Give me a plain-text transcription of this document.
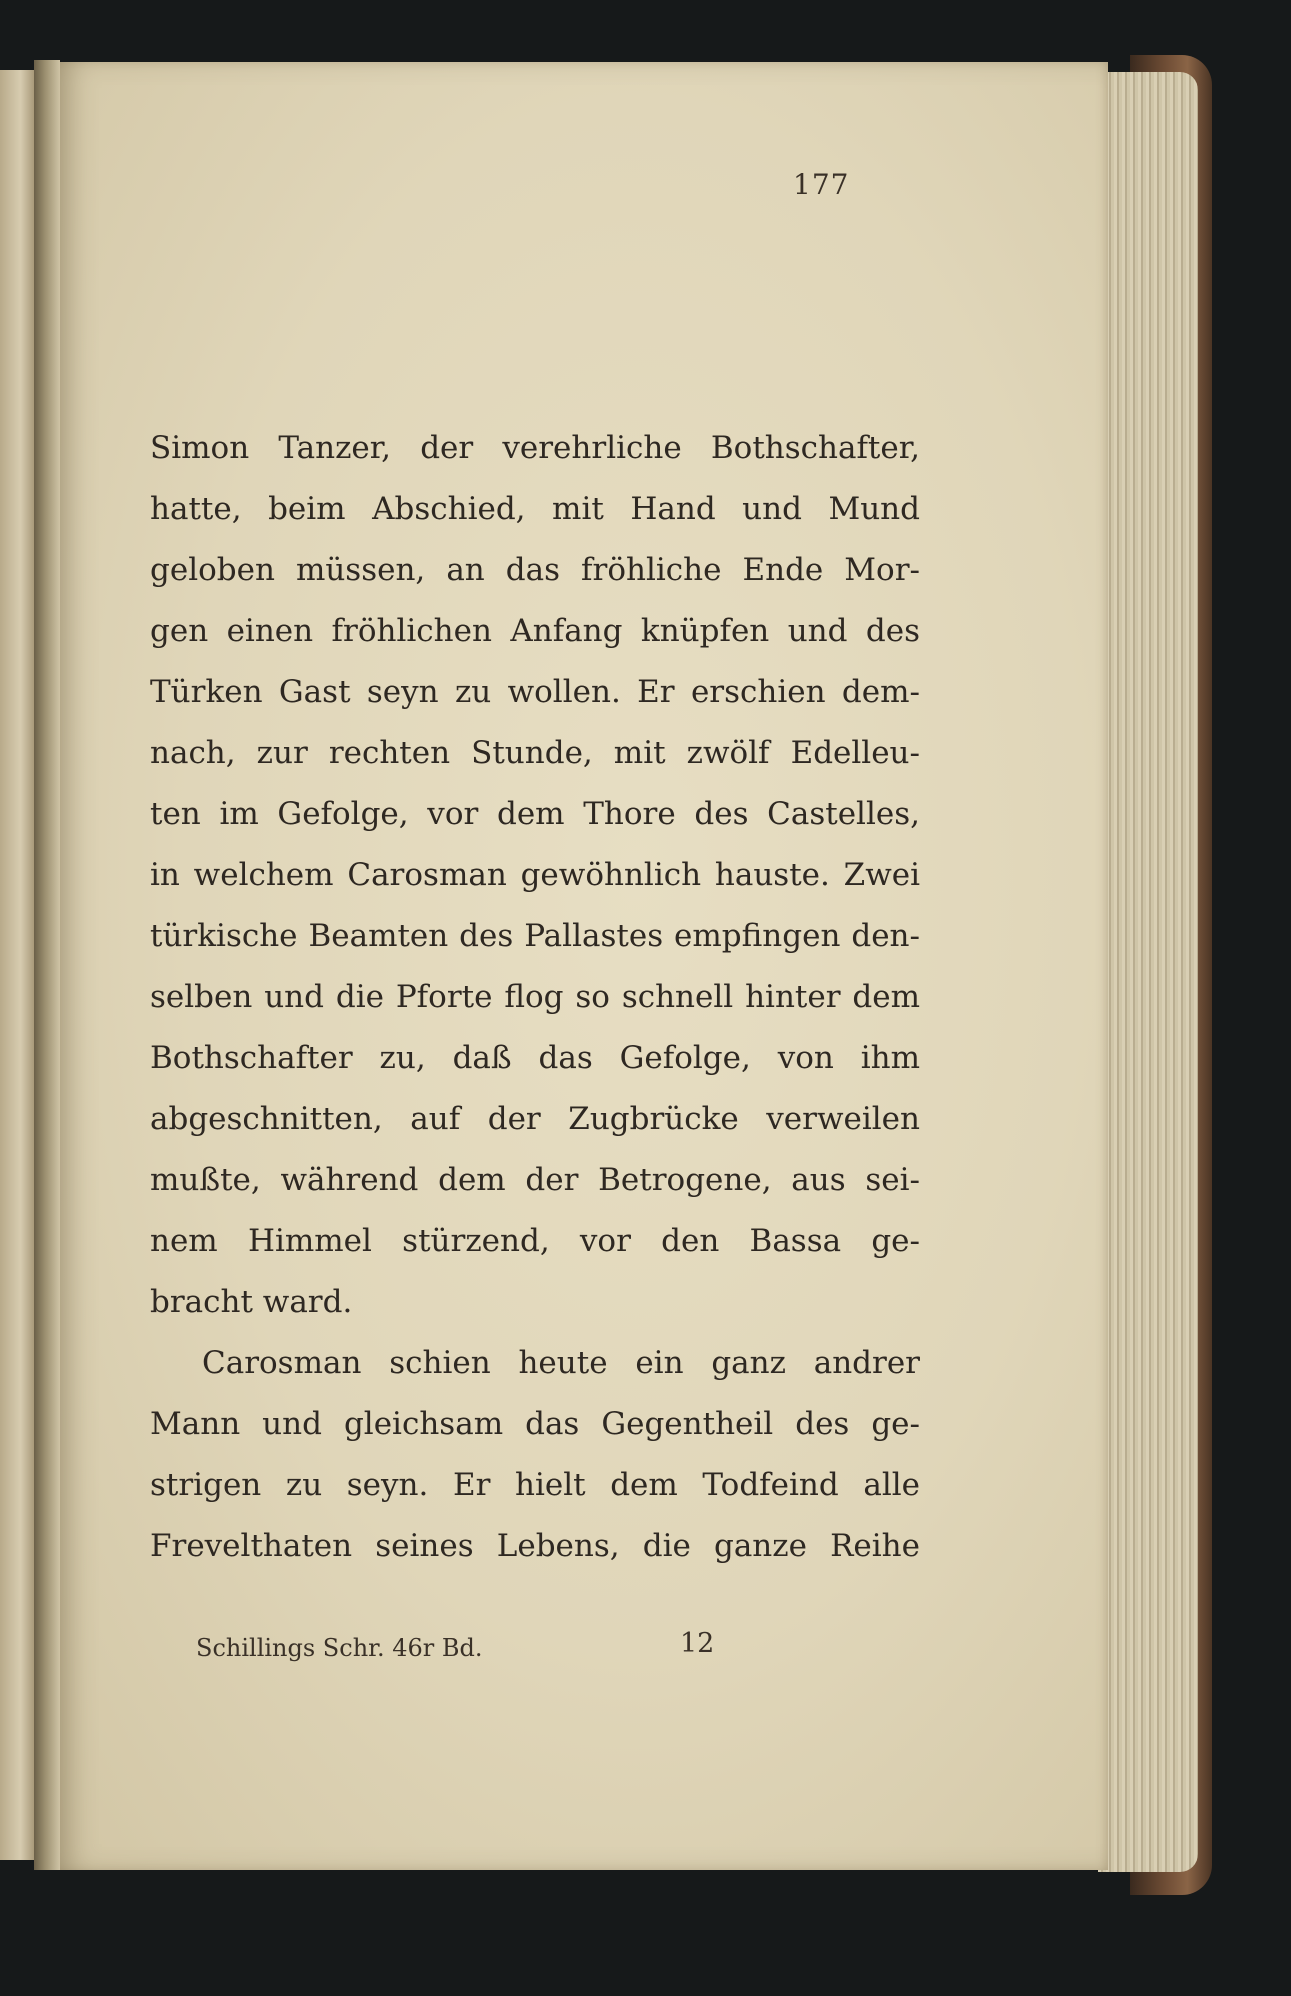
177
Simon Tanzer, der verehrliche Bothschafter,
hatte, beim Abschied, mit Hand und Mund
geloben müssen, an das fröhliche Ende Mor-
gen einen fröhlichen Anfang knüpfen und des
Türken Gast seyn zu wollen. Er erschien dem-
nach, zur rechten Stunde, mit zwölf Edelleu-
ten im Gefolge, vor dem Thore des Castelles,
in welchem Carosman gewöhnlich hauste. Zwei
türkische Beamten des Pallastes empfingen den-
selben und die Pforte flog so schnell hinter dem
Bothschafter zu, daß das Gefolge, von ihm
abgeschnitten, auf der Zugbrücke verweilen
mußte, während dem der Betrogene, aus sei-
nem Himmel stürzend, vor den Bassa ge-
bracht ward.
Carosman schien heute ein ganz andrer
Mann und gleichsam das Gegentheil des ge-
strigen zu seyn. Er hielt dem Todfeind alle
Frevelthaten seines Lebens, die ganze Reihe
Schillings Schr. 46r Bd.	12
